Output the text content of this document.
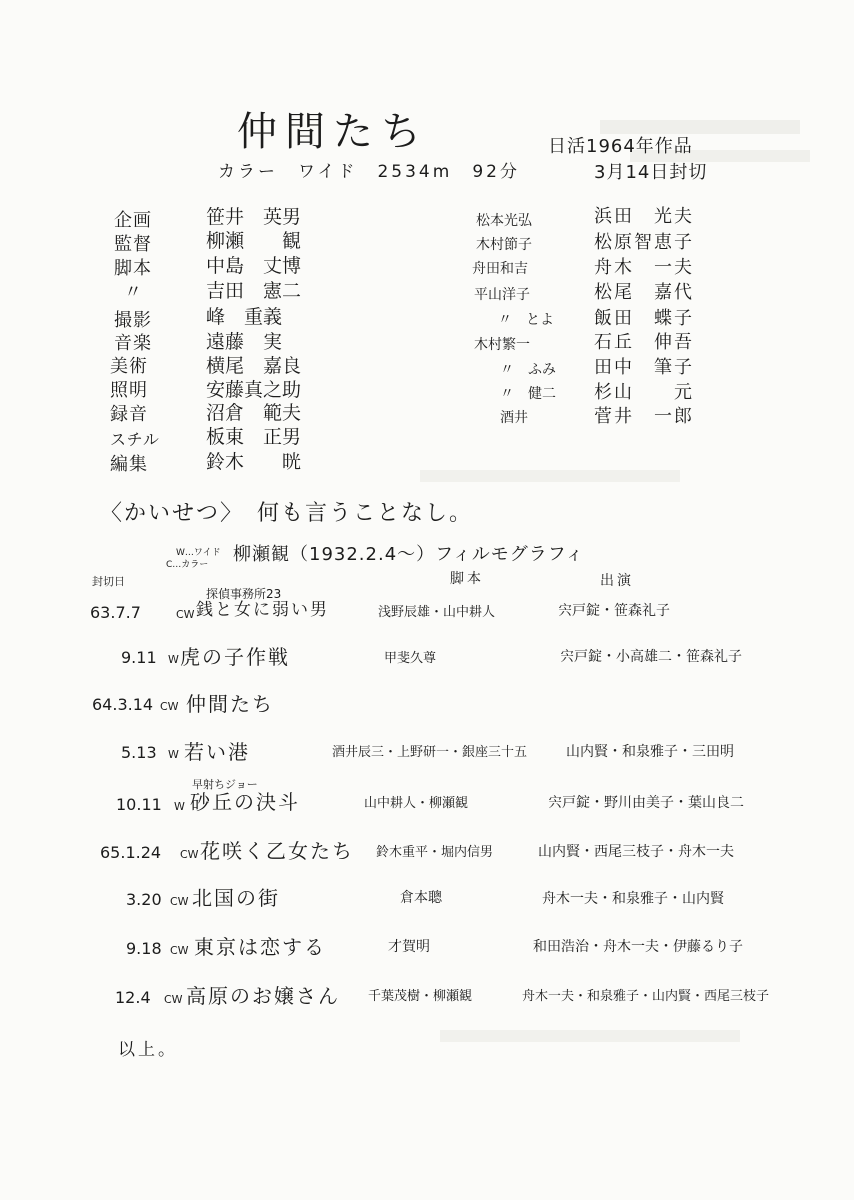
仲間たち
カラー　ワイド　2534m　92分
日活1964年作品
3月14日封切
企画	笹井　英男
監督	柳瀬　　観
脚本	中島　丈博
〃	吉田　憲二
撮影	峰　重義
音楽	遠藤　実
美術	横尾　嘉良
照明	安藤真之助
録音	沼倉　範夫
スチル 板東　正男
編集	鈴木　　晄
松本光弘	浜田　光夫
木村節子	松原智恵子
舟田和吉	舟木　一夫
平山洋子	松尾　嘉代
〃　とよ 飯田　蝶子
木村繁一	石丘　伸吾
〃　ふみ 田中　筆子
〃　健二 杉山　　元
酒井	菅井　一郎
〈かいせつ〉　何も言うことなし。
W…ワイド
C…カラー 柳瀬観（1932.2.4～）フィルモグラフィ
封切日	脚本	出演
探偵事務所23
63.7.7	CW 銭と女に弱い男	浅野辰雄・山中耕人	宍戸錠・笹森礼子
9.11 W 虎の子作戦	甲斐久尊	宍戸錠・小高雄二・笹森礼子
64.3.14 CW 仲間たち
5.13 W 若い港	酒井辰三・上野研一・銀座三十五	山内賢・和泉雅子・三田明
早射ちジョー
10.11 W 砂丘の決斗	山中耕人・柳瀬観	宍戸錠・野川由美子・葉山良二
65.1.24 CW 花咲く乙女たち 鈴木重平・堀内信男	山内賢・西尾三枝子・舟木一夫
3.20 CW 北国の街	倉本聰	舟木一夫・和泉雅子・山内賢
9.18 CW 東京は恋する	才賀明	和田浩治・舟木一夫・伊藤るり子
12.4 CW 高原のお嬢さん 千葉茂樹・柳瀬観	舟木一夫・和泉雅子・山内賢・西尾三枝子
以上。
